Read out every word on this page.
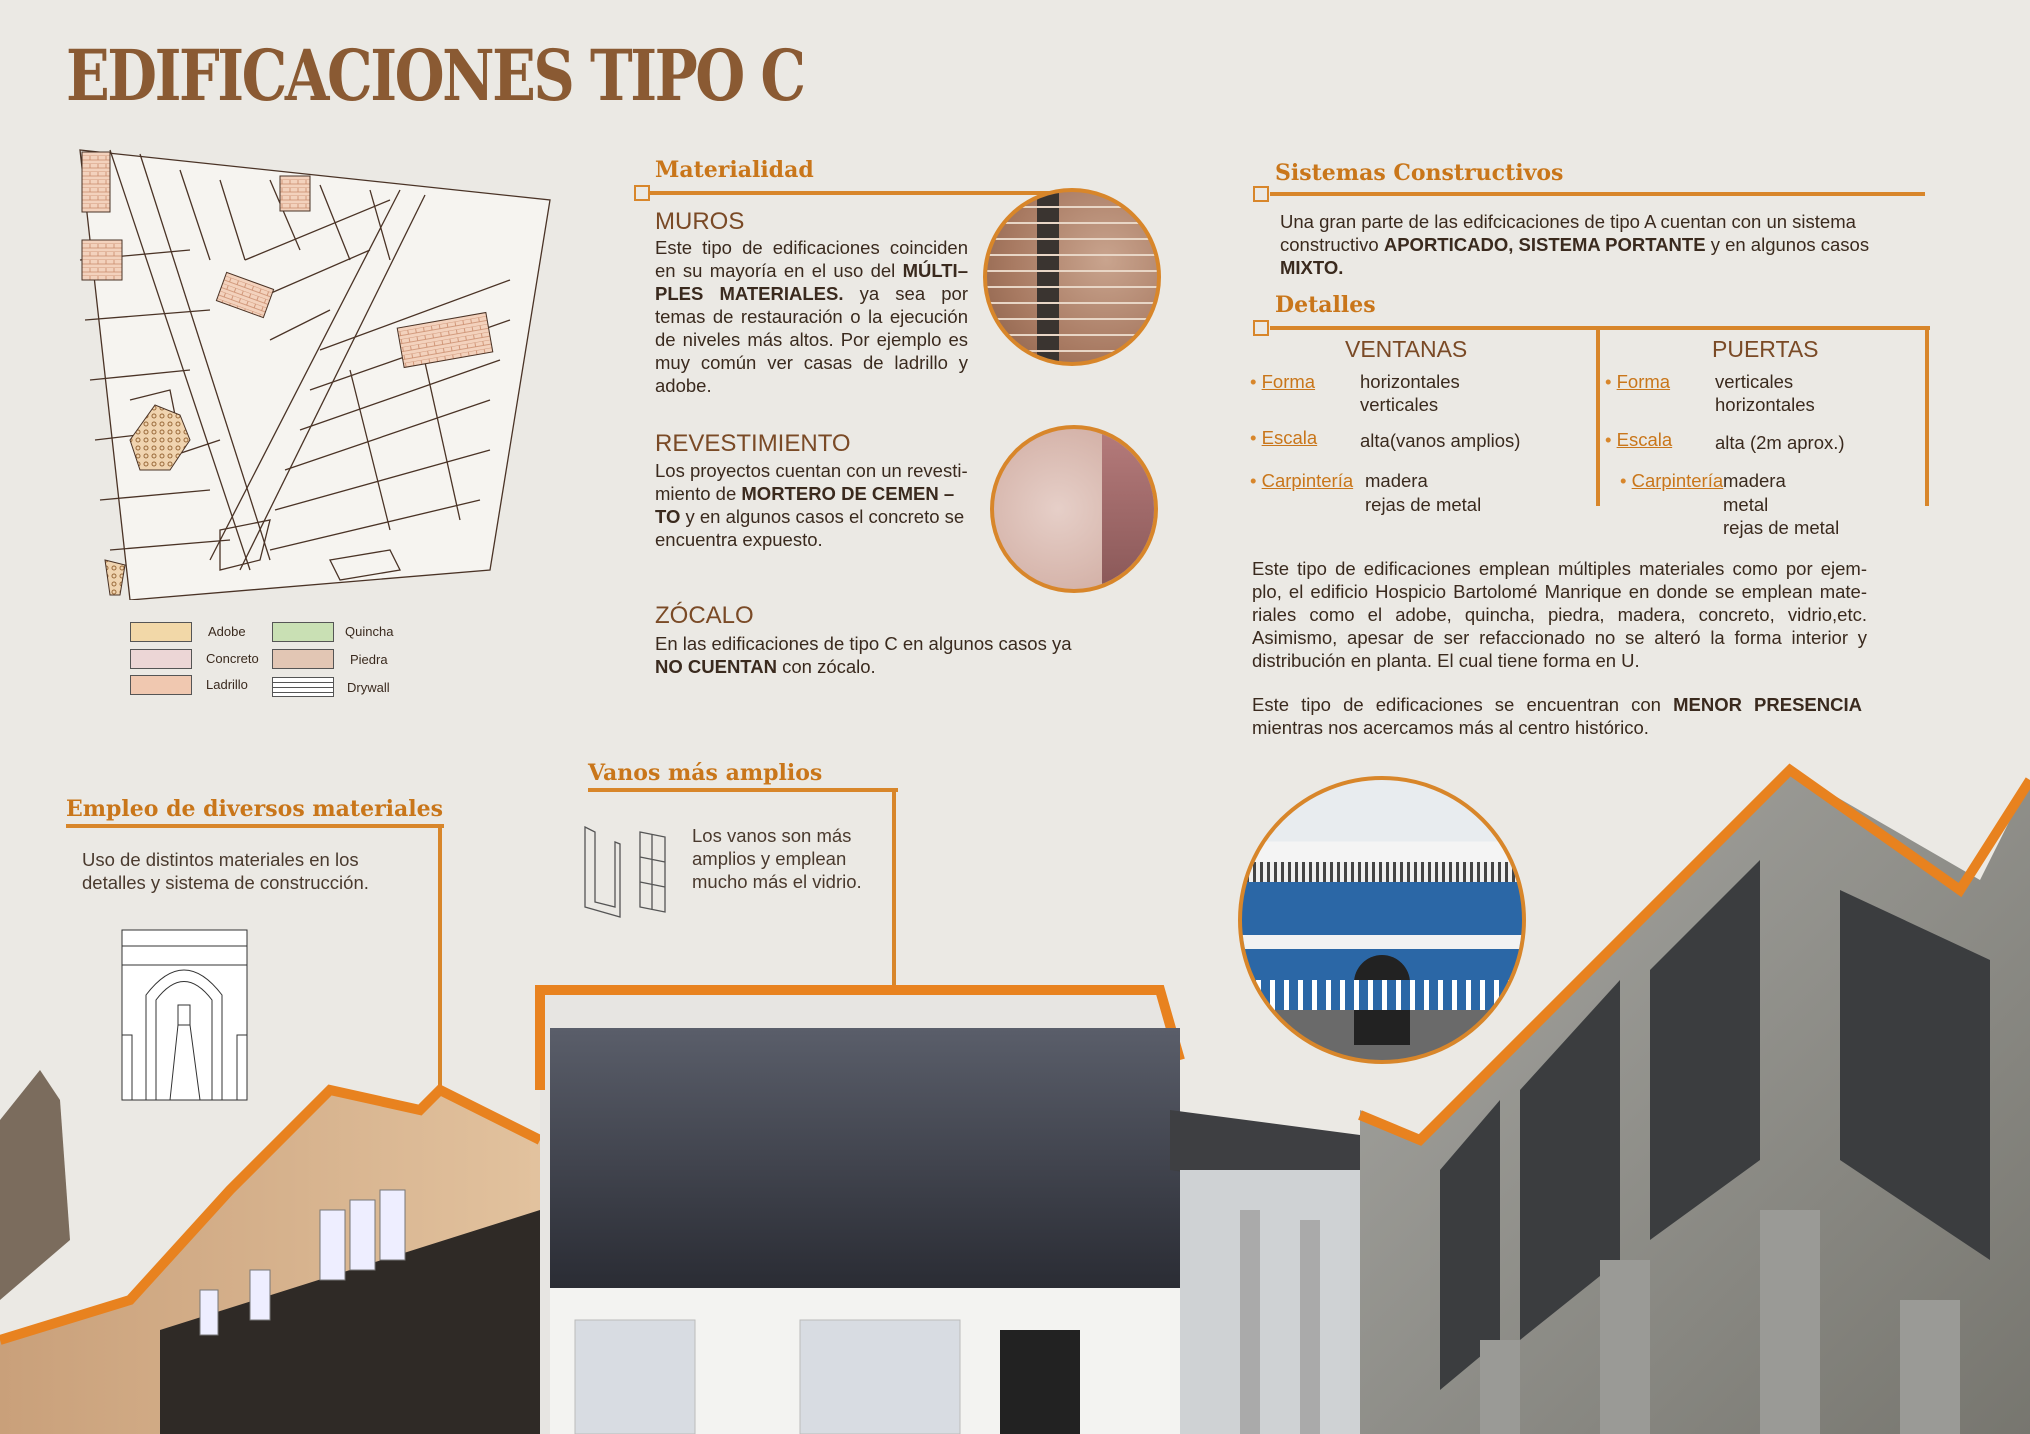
EDIFICACIONES TIPO C
Adobe
Concreto
Ladrillo
Quincha
Piedra
Drywall
Materialidad
MUROS
Este tipo de edificaciones coinciden en su mayoría en el uso del MÚLTI– PLES MATERIALES. ya sea por temas de restauración o la ejecución de niveles más altos. Por ejemplo es muy común ver casas de ladrillo y adobe.
REVESTIMIENTO
Los proyectos cuentan con un revesti- miento de MORTERO DE CEMEN – TO y en algunos casos el concreto se encuentra expuesto.
ZÓCALO
En las edificaciones de tipo C en algunos casos ya NO CUENTAN con zócalo.
Sistemas Constructivos
Una gran parte de las edifcicaciones de tipo A cuentan con un sistema constructivo APORTICADO, SISTEMA PORTANTE y en algunos casos MIXTO.
Detalles
VENTANAS
• Forma horizontales
verticales
• Escala alta(vanos amplios)
• Carpintería madera
rejas de metal
PUERTAS
• Forma verticales
horizontales
• Escala alta (2m aprox.)
• Carpintería madera
metal
rejas de metal
Este tipo de edificaciones emplean múltiples materiales como por ejem- plo, el edificio Hospicio Bartolomé Manrique en donde se emplean mate- riales como el adobe, quincha, piedra, madera, concreto, vidrio,etc. Asimismo, apesar de ser refaccionado no se alteró la forma interior y distribución en planta. El cual tiene forma en U.
Este tipo de edificaciones se encuentran con MENOR PRESENCIA mientras nos acercamos más al centro histórico.
Empleo de diversos materiales
Uso de distintos materiales en los detalles y sistema de construcción.
Vanos más amplios
Los vanos son más amplios y emplean mucho más el vidrio.
